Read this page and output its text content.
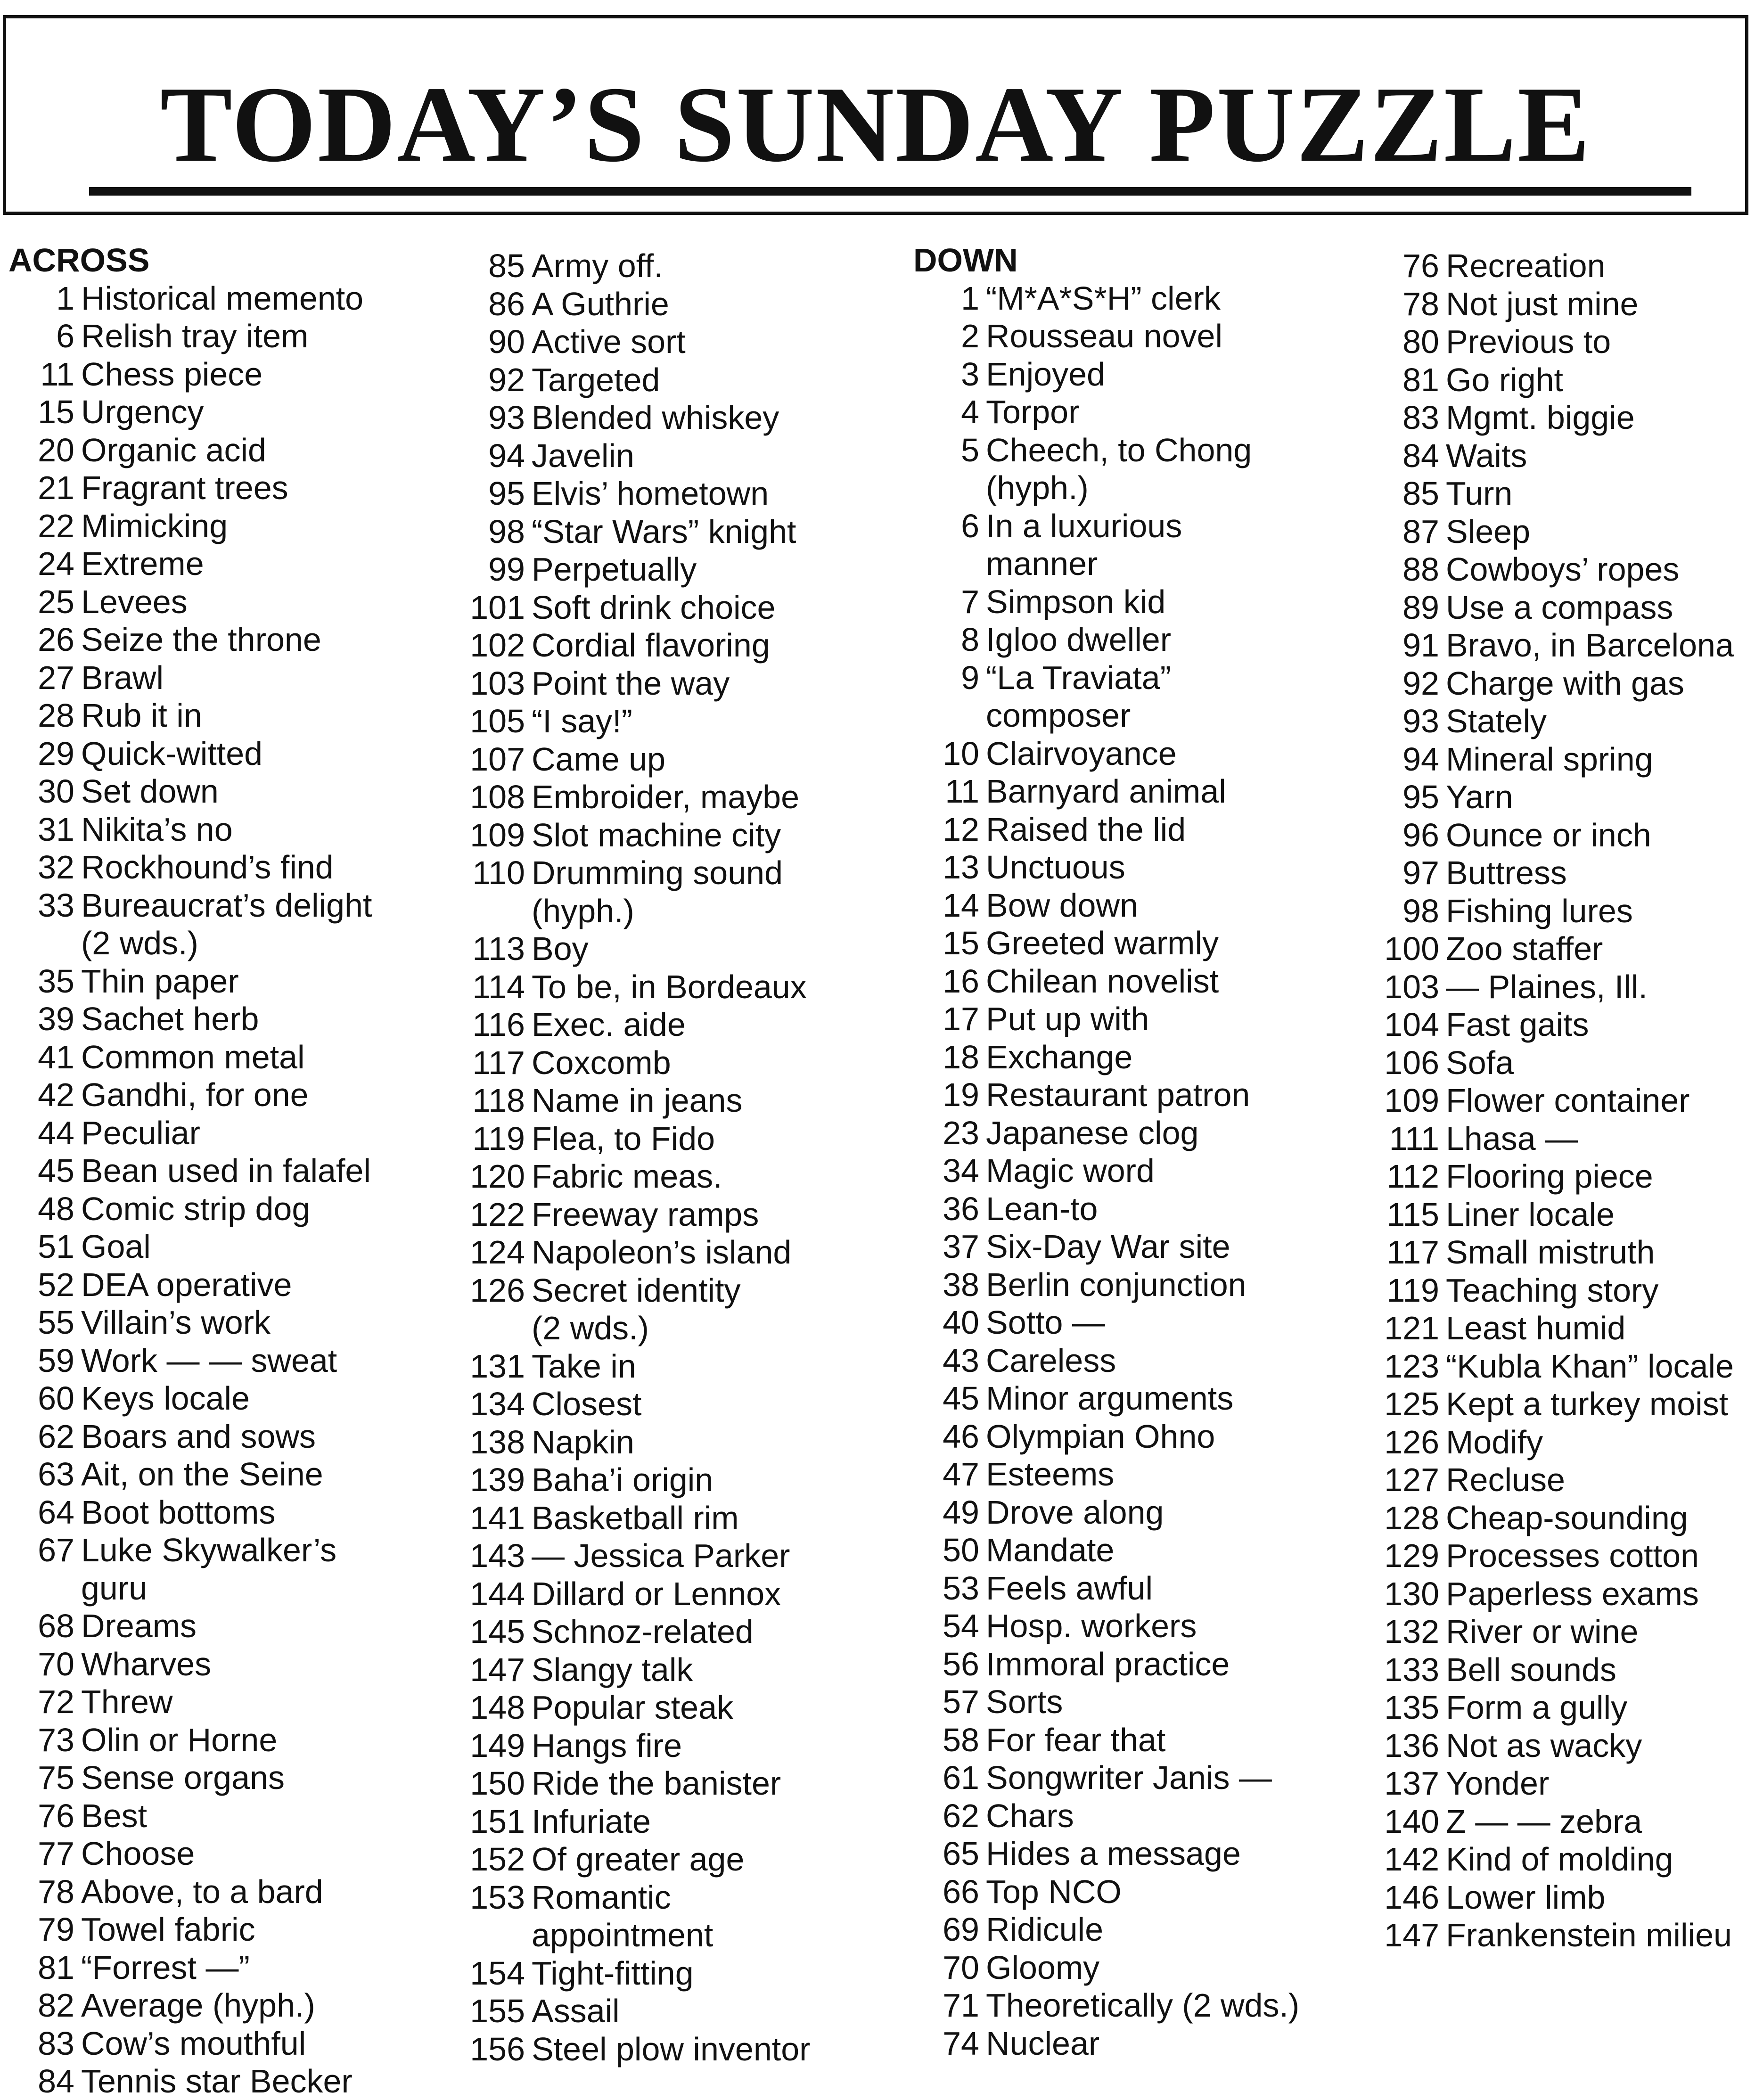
TODAY’S SUNDAY PUZZLE
ACROSS
1 Historical memento
6 Relish tray item
11 Chess piece
15 Urgency
20 Organic acid
21 Fragrant trees
22 Mimicking
24 Extreme
25 Levees
26 Seize the throne
27 Brawl
28 Rub it in
29 Quick-witted
30 Set down
31 Nikita’s no
32 Rockhound’s find
33 Bureaucrat’s delight
(2 wds.)
35 Thin paper
39 Sachet herb
41 Common metal
42 Gandhi, for one
44 Peculiar
45 Bean used in falafel
48 Comic strip dog
51 Goal
52 DEA operative
55 Villain’s work
59 Work — — sweat
60 Keys locale
62 Boars and sows
63 Ait, on the Seine
64 Boot bottoms
67 Luke Skywalker’s
guru
68 Dreams
70 Wharves
72 Threw
73 Olin or Horne
75 Sense organs
76 Best
77 Choose
78 Above, to a bard
79 Towel fabric
81 “Forrest —”
82 Average (hyph.)
83 Cow’s mouthful
84 Tennis star Becker
85 Army off.
86 A Guthrie
90 Active sort
92 Targeted
93 Blended whiskey
94 Javelin
95 Elvis’ hometown
98 “Star Wars” knight
99 Perpetually
101 Soft drink choice
102 Cordial flavoring
103 Point the way
105 “I say!”
107 Came up
108 Embroider, maybe
109 Slot machine city
110 Drumming sound
(hyph.)
113 Boy
114 To be, in Bordeaux
116 Exec. aide
117 Coxcomb
118 Name in jeans
119 Flea, to Fido
120 Fabric meas.
122 Freeway ramps
124 Napoleon’s island
126 Secret identity
(2 wds.)
131 Take in
134 Closest
138 Napkin
139 Baha’i origin
141 Basketball rim
143 — Jessica Parker
144 Dillard or Lennox
145 Schnoz-related
147 Slangy talk
148 Popular steak
149 Hangs fire
150 Ride the banister
151 Infuriate
152 Of greater age
153 Romantic
appointment
154 Tight-fitting
155 Assail
156 Steel plow inventor
DOWN
1 “M*A*S*H” clerk
2 Rousseau novel
3 Enjoyed
4 Torpor
5 Cheech, to Chong
(hyph.)
6 In a luxurious
manner
7 Simpson kid
8 Igloo dweller
9 “La Traviata”
composer
10 Clairvoyance
11 Barnyard animal
12 Raised the lid
13 Unctuous
14 Bow down
15 Greeted warmly
16 Chilean novelist
17 Put up with
18 Exchange
19 Restaurant patron
23 Japanese clog
34 Magic word
36 Lean-to
37 Six-Day War site
38 Berlin conjunction
40 Sotto —
43 Careless
45 Minor arguments
46 Olympian Ohno
47 Esteems
49 Drove along
50 Mandate
53 Feels awful
54 Hosp. workers
56 Immoral practice
57 Sorts
58 For fear that
61 Songwriter Janis —
62 Chars
65 Hides a message
66 Top NCO
69 Ridicule
70 Gloomy
71 Theoretically (2 wds.)
74 Nuclear
76 Recreation
78 Not just mine
80 Previous to
81 Go right
83 Mgmt. biggie
84 Waits
85 Turn
87 Sleep
88 Cowboys’ ropes
89 Use a compass
91 Bravo, in Barcelona
92 Charge with gas
93 Stately
94 Mineral spring
95 Yarn
96 Ounce or inch
97 Buttress
98 Fishing lures
100 Zoo staffer
103 — Plaines, Ill.
104 Fast gaits
106 Sofa
109 Flower container
111 Lhasa —
112 Flooring piece
115 Liner locale
117 Small mistruth
119 Teaching story
121 Least humid
123 “Kubla Khan” locale
125 Kept a turkey moist
126 Modify
127 Recluse
128 Cheap-sounding
129 Processes cotton
130 Paperless exams
132 River or wine
133 Bell sounds
135 Form a gully
136 Not as wacky
137 Yonder
140 Z — — zebra
142 Kind of molding
146 Lower limb
147 Frankenstein milieu
